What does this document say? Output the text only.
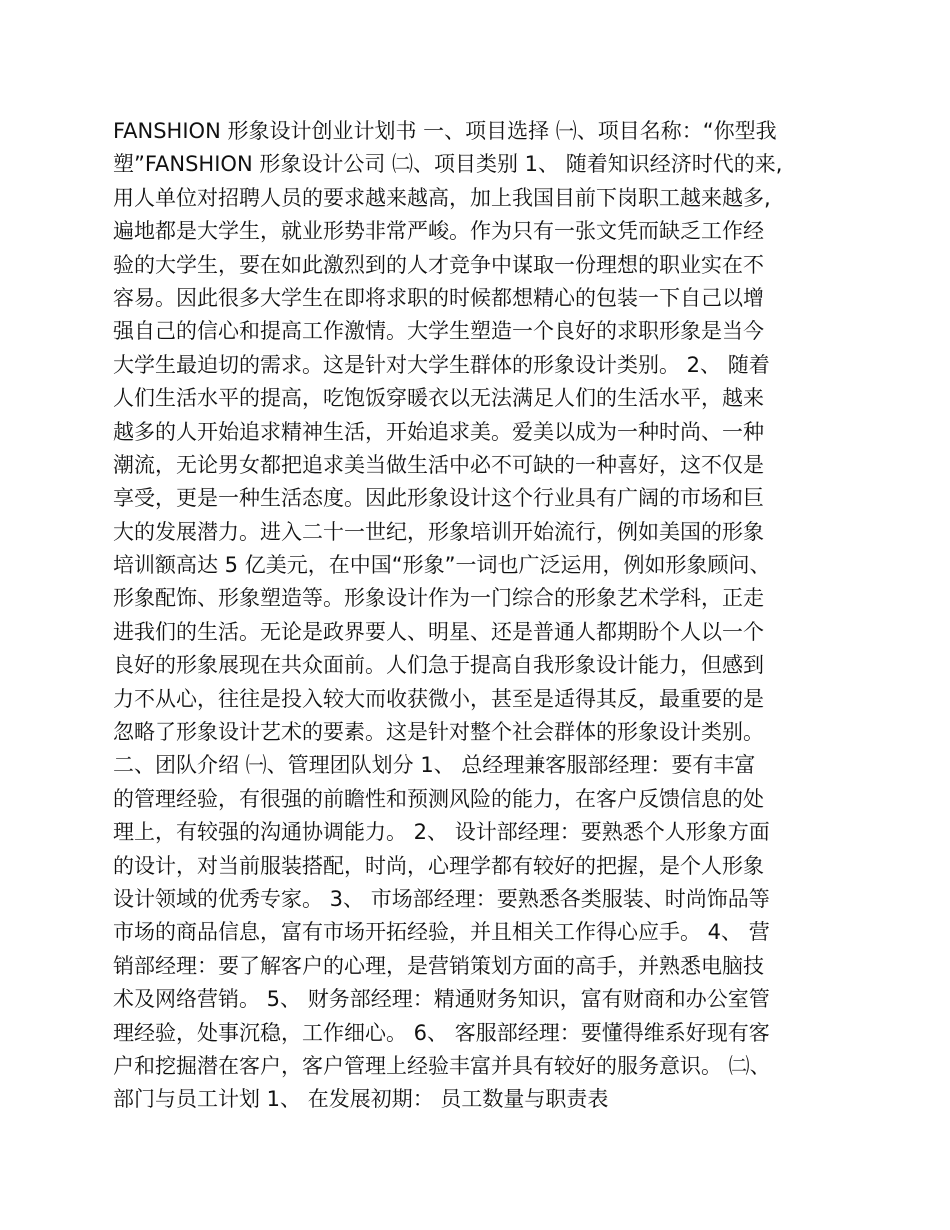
FANSHION 形象设计创业计划书 一、项目选择 ㈠、项目名称：“你型我
塑”FANSHION 形象设计公司 ㈡、项目类别 1、 随着知识经济时代的来,
用人单位对招聘人员的要求越来越高，加上我国目前下岗职工越来越多,
遍地都是大学生，就业形势非常严峻。作为只有一张文凭而缺乏工作经
验的大学生，要在如此激烈到的人才竞争中谋取一份理想的职业实在不
容易。因此很多大学生在即将求职的时候都想精心的包装一下自己以增
强自己的信心和提高工作激情。大学生塑造一个良好的求职形象是当今
大学生最迫切的需求。这是针对大学生群体的形象设计类别。 2、 随着
人们生活水平的提高，吃饱饭穿暖衣以无法满足人们的生活水平，越来
越多的人开始追求精神生活，开始追求美。爱美以成为一种时尚、一种
潮流，无论男女都把追求美当做生活中必不可缺的一种喜好，这不仅是
享受，更是一种生活态度。因此形象设计这个行业具有广阔的市场和巨
大的发展潜力。进入二十一世纪，形象培训开始流行，例如美国的形象
培训额高达 5 亿美元，在中国“形象”一词也广泛运用，例如形象顾问、
形象配饰、形象塑造等。形象设计作为一门综合的形象艺术学科，正走
进我们的生活。无论是政界要人、明星、还是普通人都期盼个人以一个
良好的形象展现在共众面前。人们急于提高自我形象设计能力，但感到
力不从心，往往是投入较大而收获微小，甚至是适得其反，最重要的是
忽略了形象设计艺术的要素。这是针对整个社会群体的形象设计类别。
二、团队介绍 ㈠、管理团队划分 1、 总经理兼客服部经理：要有丰富
的管理经验，有很强的前瞻性和预测风险的能力，在客户反馈信息的处
理上，有较强的沟通协调能力。 2、 设计部经理：要熟悉个人形象方面
的设计，对当前服装搭配，时尚，心理学都有较好的把握，是个人形象
设计领域的优秀专家。 3、 市场部经理：要熟悉各类服装、时尚饰品等
市场的商品信息，富有市场开拓经验，并且相关工作得心应手。 4、 营
销部经理：要了解客户的心理，是营销策划方面的高手，并熟悉电脑技
术及网络营销。 5、 财务部经理：精通财务知识，富有财商和办公室管
理经验，处事沉稳，工作细心。 6、 客服部经理：要懂得维系好现有客
户和挖掘潜在客户，客户管理上经验丰富并具有较好的服务意识。 ㈡、
部门与员工计划 1、 在发展初期： 员工数量与职责表
